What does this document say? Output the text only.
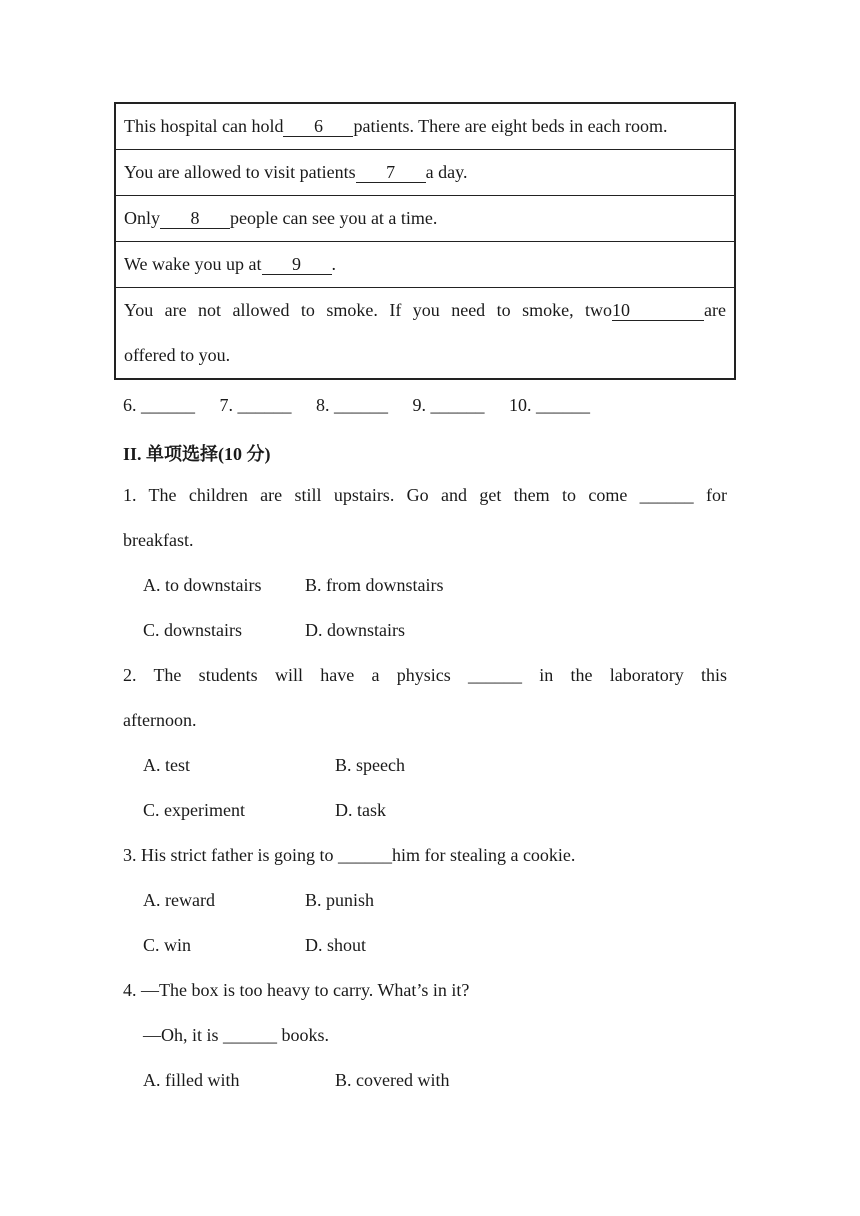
This hospital can hold 6 patients. There are eight beds in each room.
You are allowed to visit patients 7 a day.
Only 8 people can see you at a time.
We wake you up at 9 .

You are not allowed to smoke. If you need to smoke, two10	are
offered to you.
6. ______ 7. ______ 8. ______ 9. ______ 10. ______
II. 单项选择(10 分)
1. The children are still upstairs. Go and get them to come ______ for
breakfast.
A. to downstairs B. from downstairs
C. downstairs	D. downstairs
2. The students will have a physics ______ in the laboratory this
afternoon.
A. test	B. speech
C. experiment	D. task
3. His strict father is going to ______him for stealing a cookie.
A. reward	B. punish
C. win	D. shout
4. —The box is too heavy to carry. What’s in it?
—Oh, it is ______ books.
A. filled with	B. covered with
